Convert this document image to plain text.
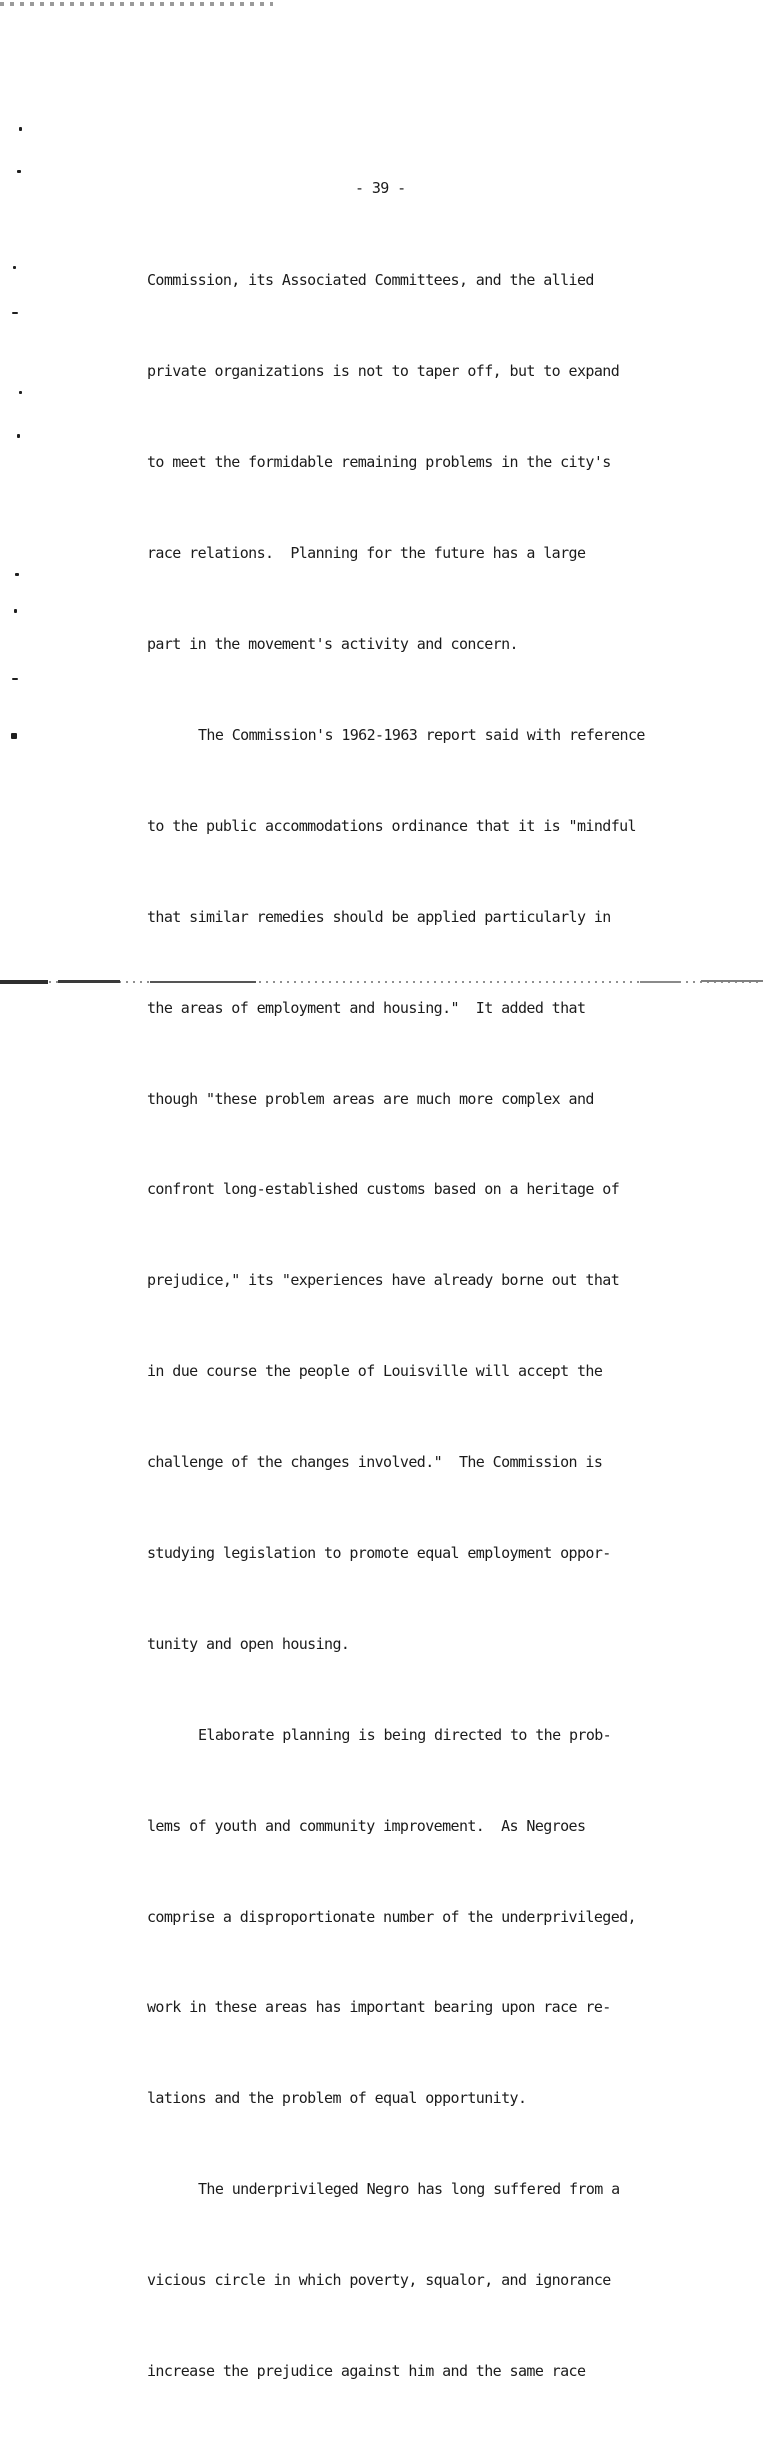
- 39 -

Commission, its Associated Committees, and the allied

private organizations is not to taper off, but to expand

to meet the formidable remaining problems in the city's

race relations.  Planning for the future has a large

part in the movement's activity and concern.

The Commission's 1962-1963 report said with reference

to the public accommodations ordinance that it is "mindful

that similar remedies should be applied particularly in

the areas of employment and housing."  It added that

though "these problem areas are much more complex and

confront long-established customs based on a heritage of

prejudice," its "experiences have already borne out that

in due course the people of Louisville will accept the

challenge of the changes involved."  The Commission is

studying legislation to promote equal employment oppor-

tunity and open housing.

Elaborate planning is being directed to the prob-

lems of youth and community improvement.  As Negroes

comprise a disproportionate number of the underprivileged,

work in these areas has important bearing upon race re-

lations and the problem of equal opportunity.

The underprivileged Negro has long suffered from a

vicious circle in which poverty, squalor, and ignorance

increase the prejudice against him and the same race
